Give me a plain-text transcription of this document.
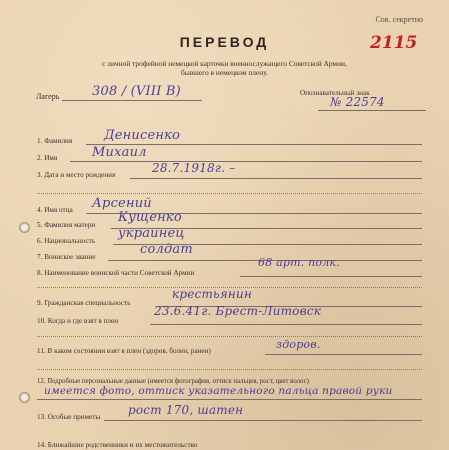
Сов. секретно
2115
ПЕРЕВОД
с личной трофейной немецкой карточки военнослужащего Советской Армии,
бывшего в немецком плену.
Лагерь	308 / (VIII В)	Опознавательный знак
№ 22574
1. Фамилия Денисенко
2. Имя	Михаил
3. Дата и место рождения	28.7.1918г. –
4. Имя отца Арсений
5. Фамилия матери Кущенко
6. Национальность украинец
7. Воинское звание	солдат
8. Наименование воинской части Советской Армии
68 арт. полк.
9. Гражданская специальность
крестьянин
10. Когда и где взят в плен
23.6.41г. Брест-Литовск
11. В каком состоянии взят в плен (здоров, болен, ранен)	здоров.
12. Подробные персональные данные (имеется фотография, оттиск пальцев, рост, цвет волос)
имеется фото, оттиск указательного пальца правой руки
13. Особые приметы рост 170, шатен
14. Ближайшие родственники и их местожительство
